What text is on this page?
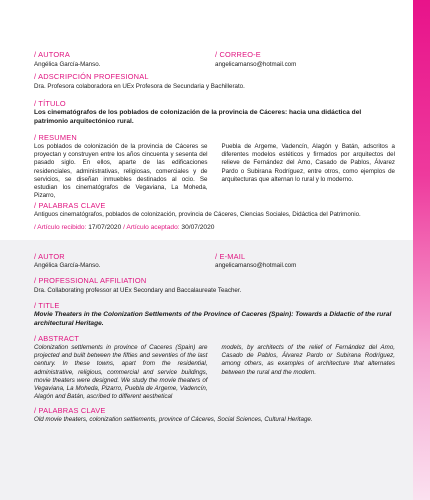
/ AUTORA
Angélica García-Manso.
/ CORREO-E
angelicamanso@hotmail.com
/ ADSCRIPCIÓN PROFESIONAL
Dra. Profesora colaboradora en UEx Profesora de Secundaria y Bachillerato.
/ TÍTULO
Los cinematógrafos de los poblados de colonización de la provincia de Cáceres: hacia una didáctica del patrimonio arquitectónico rural.
/ RESUMEN
Los poblados de colonización de la provincia de Cáceres se proyectan y construyen entre los años cincuenta y sesenta del pasado siglo. En ellos, aparte de las edificaciones residenciales, administrativas, religiosas, comerciales y de servicios, se diseñan inmuebles destinados al ocio. Se estudian los cinematógrafos de Vegaviana, La Moheda, Pizarro,
Puebla de Argeme, Vadencín, Alagón y Batán, adscritos a diferentes modelos estéticos y firmados por arquitectos del relieve de Fernández del Amo, Casado de Pablos, Álvarez Pardo o Subirana Rodríguez, entre otros, como ejemplos de arquitecturas que alternan lo rural y lo moderno.
/ PALABRAS CLAVE
Antiguos cinematógrafos, poblados de colonización, provincia de Cáceres, Ciencias Sociales, Didáctica del Patrimonio.
/ Artículo recibido: 17/07/2020 / Artículo aceptado: 30/07/2020
/ AUTOR
Angélica García-Manso.
/ E-MAIL
angelicamanso@hotmail.com
/ PROFESSIONAL AFFILIATION
Dra. Collaborating professor at UEx Secondary and Baccalaureate Teacher.
/ TITLE
Movie Theaters in the Colonization Settlements of the Province of Caceres (Spain): Towards a Didactic of the rural architectural Heritage.
/ ABSTRACT
Colonization settlements in province of Caceres (Spain) are projected and built between the fifties and seventies of the last century. In these towns, apart from the residential, administrative, religious, commercial and service buildings, movie theaters were designed. We study the movie theaters of Vegaviana, La Moheda, Pizarro, Puebla de Argeme, Vadencín, Alagón and Batán, ascribed to different aesthetical
models, by architects of the relief of Fernández del Amo, Casado de Pablos, Álvarez Pardo or Subirana Rodríguez, among others, as examples of architecture that alternates between the rural and the modern.
/ PALABRAS CLAVE
Old movie theaters, colonization settlements, province of Cáceres, Social Sciences, Cultural Heritage.
